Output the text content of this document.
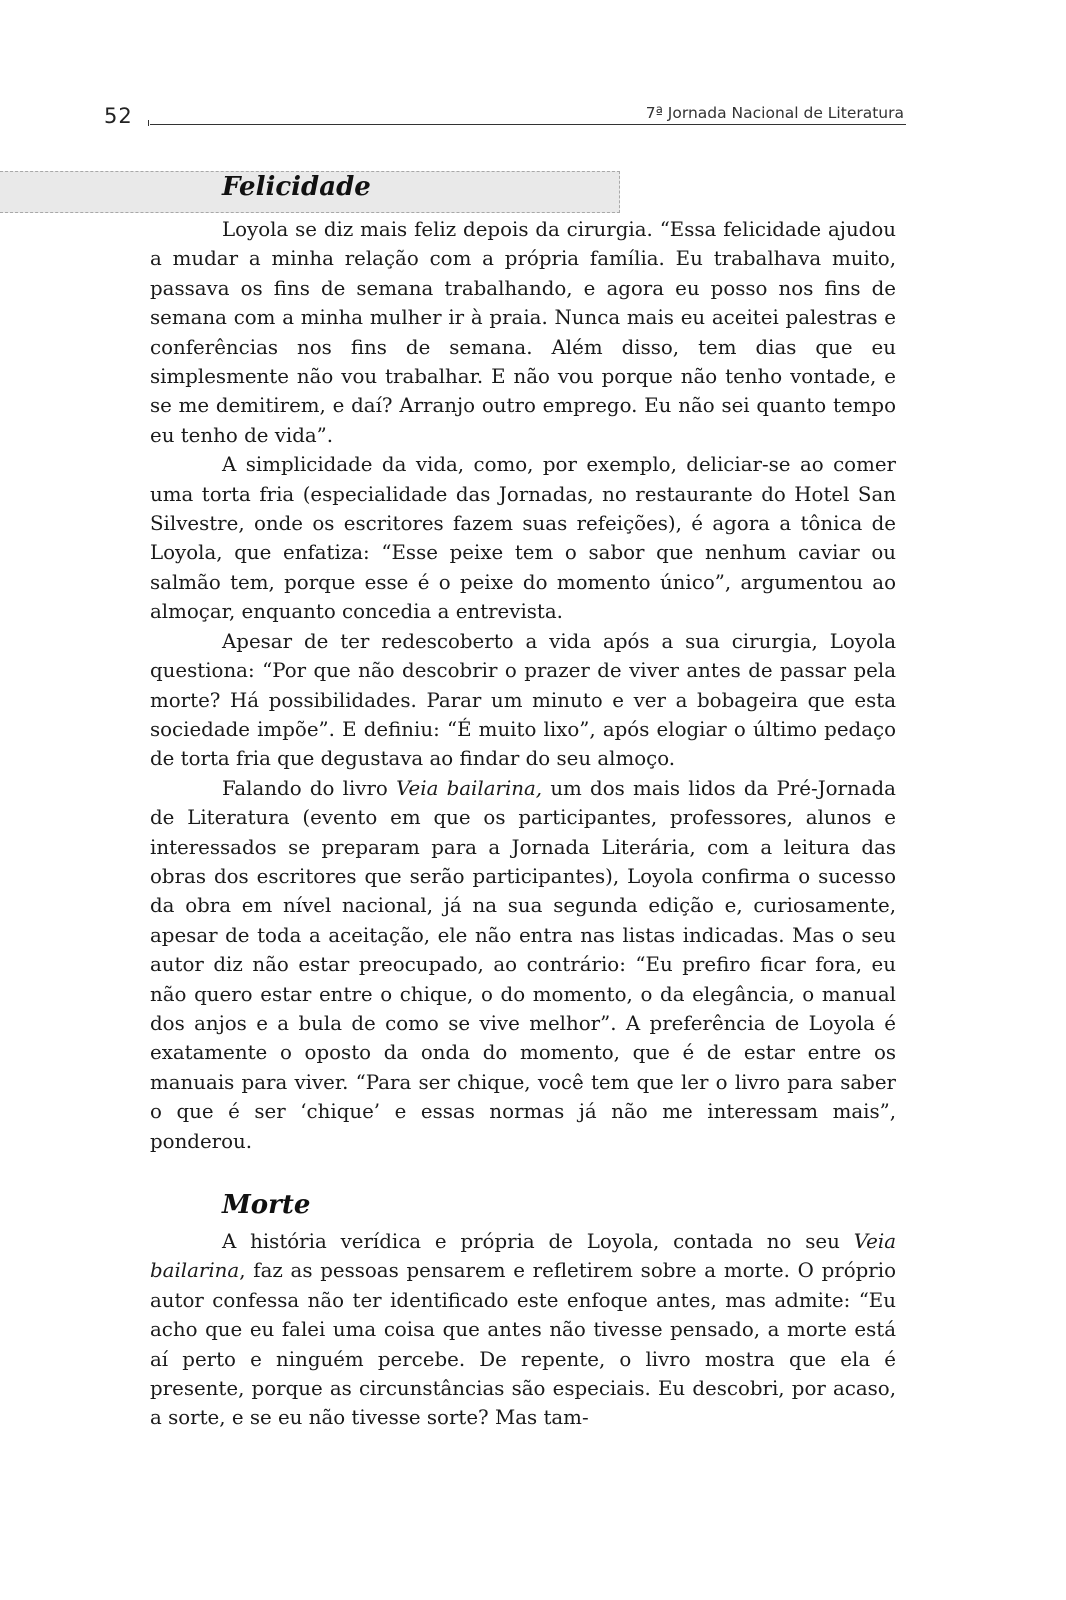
52	7ª Jornada Nacional de Literatura
Felicidade

Loyola se diz mais feliz depois da cirurgia. “Essa felicidade ajudou a mudar a minha relação com a própria família. Eu trabalhava muito, passava os fins de semana trabalhando, e agora eu posso nos fins de semana com a minha mulher ir à praia. Nunca mais eu aceitei palestras e conferências nos fins de semana. Além disso, tem dias que eu simplesmente não vou trabalhar. E não vou porque não tenho vontade, e se me demitirem, e daí? Arranjo outro emprego. Eu não sei quanto tempo eu tenho de vida”.

A simplicidade da vida, como, por exemplo, deliciar-se ao comer uma torta fria (especialidade das Jornadas, no restaurante do Hotel San Silvestre, onde os escritores fazem suas refeições), é agora a tônica de Loyola, que enfatiza: “Esse peixe tem o sabor que nenhum caviar ou salmão tem, porque esse é o peixe do momento único”, argumentou ao almoçar, enquanto concedia a entrevista.

Apesar de ter redescoberto a vida após a sua cirurgia, Loyola questiona: “Por que não descobrir o prazer de viver antes de passar pela morte? Há possibilidades. Parar um minuto e ver a bobageira que esta sociedade impõe”. E definiu: “É muito lixo”, após elogiar o último pedaço de torta fria que degustava ao findar do seu almoço.

Falando do livro Veia bailarina, um dos mais lidos da Pré-Jornada de Literatura (evento em que os participantes, professores, alunos e interessados se preparam para a Jornada Literária, com a leitura das obras dos escritores que serão participantes), Loyola confirma o sucesso da obra em nível nacional, já na sua segunda edição e, curiosamente, apesar de toda a aceitação, ele não entra nas listas indicadas. Mas o seu autor diz não estar preocupado, ao contrário: “Eu prefiro ficar fora, eu não quero estar entre o chique, o do momento, o da elegância, o manual dos anjos e a bula de como se vive melhor”. A preferência de Loyola é exatamente o oposto da onda do momento, que é de estar entre os manuais para viver. “Para ser chique, você tem que ler o livro para saber o que é ser ‘chique’ e essas normas já não me interessam mais”, ponderou.

Morte

A história verídica e própria de Loyola, contada no seu Veia bailarina, faz as pessoas pensarem e refletirem sobre a morte. O próprio autor confessa não ter identificado este enfoque antes, mas admite: “Eu acho que eu falei uma coisa que antes não tivesse pensado, a morte está aí perto e ninguém percebe. De repente, o livro mostra que ela é presente, porque as circunstâncias são especiais. Eu descobri, por acaso, a sorte, e se eu não tivesse sorte? Mas tam-
